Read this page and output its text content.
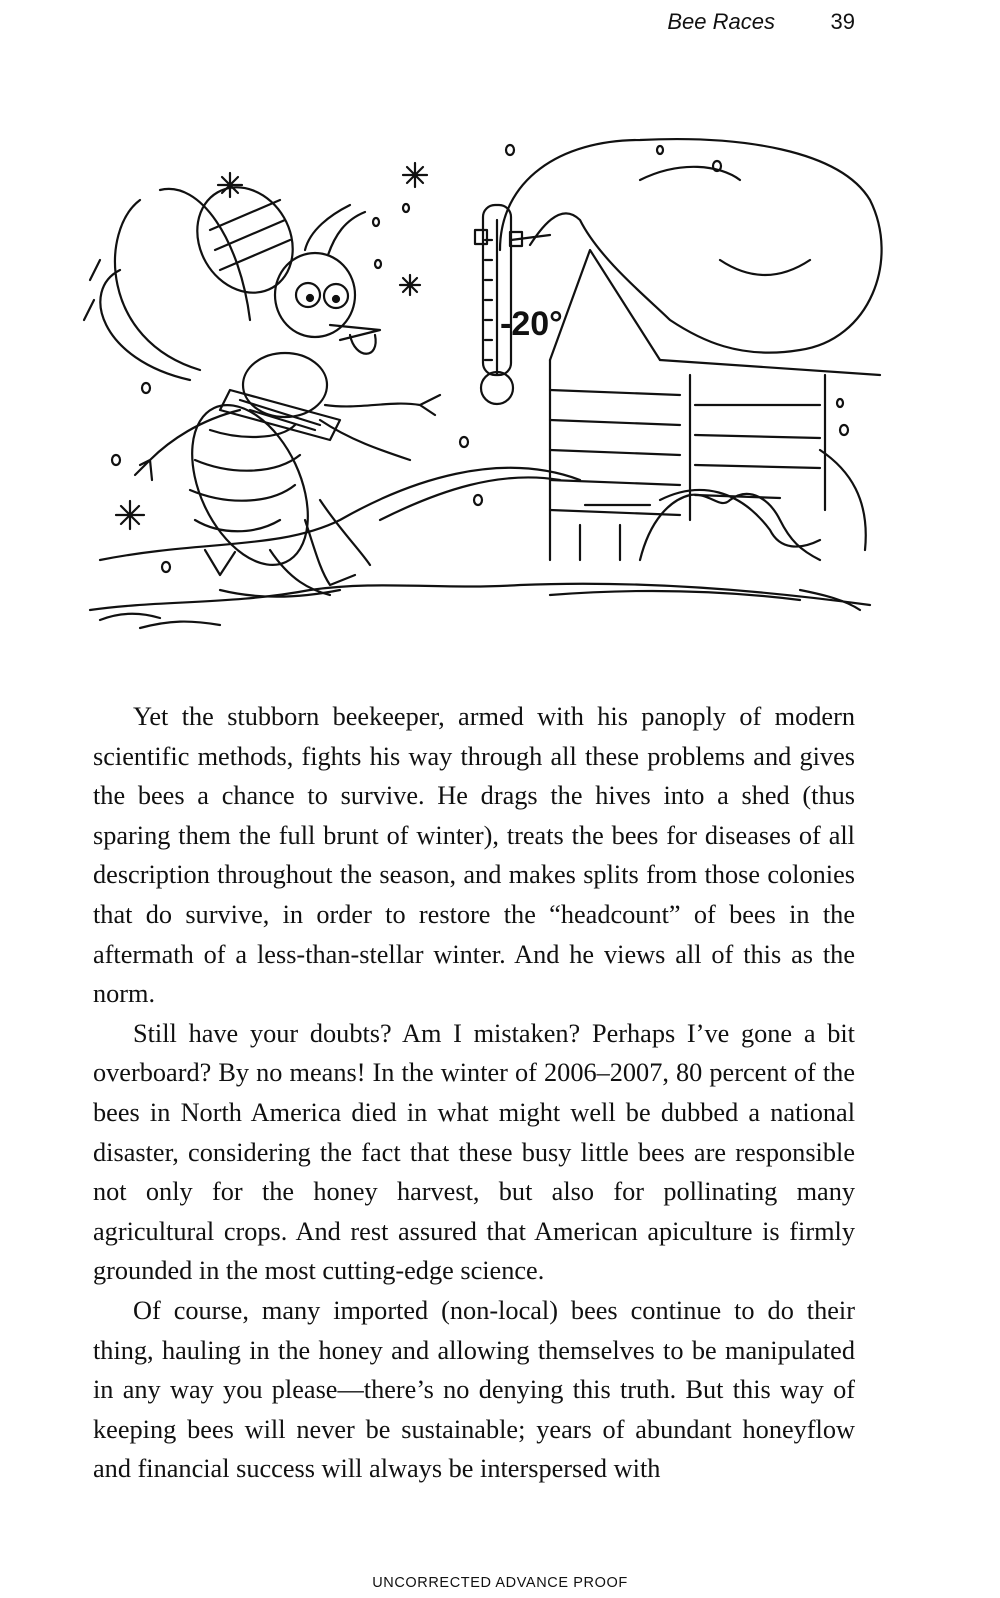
Bee Races	39
-20°

Yet the stubborn beekeeper, armed with his panoply of modern scientific methods, fights his way through all these problems and gives the bees a chance to survive. He drags the hives into a shed (thus sparing them the full brunt of winter), treats the bees for diseases of all description throughout the season, and makes splits from those colonies that do survive, in order to restore the “headcount” of bees in the aftermath of a less-than-stellar winter. And he views all of this as the norm.

Still have your doubts? Am I mistaken? Perhaps I’ve gone a bit overboard? By no means! In the winter of 2006–2007, 80 percent of the bees in North America died in what might well be dubbed a national disaster, considering the fact that these busy little bees are responsible not only for the honey harvest, but also for pollinating many agricultural crops. And rest assured that American apiculture is firmly grounded in the most cutting-edge science.

Of course, many imported (non-local) bees continue to do their thing, hauling in the honey and allowing themselves to be manipulated in any way you please—there’s no denying this truth. But this way of keeping bees will never be sustainable; years of abundant honeyflow and financial success will always be interspersed with

UNCORRECTED ADVANCE PROOF
